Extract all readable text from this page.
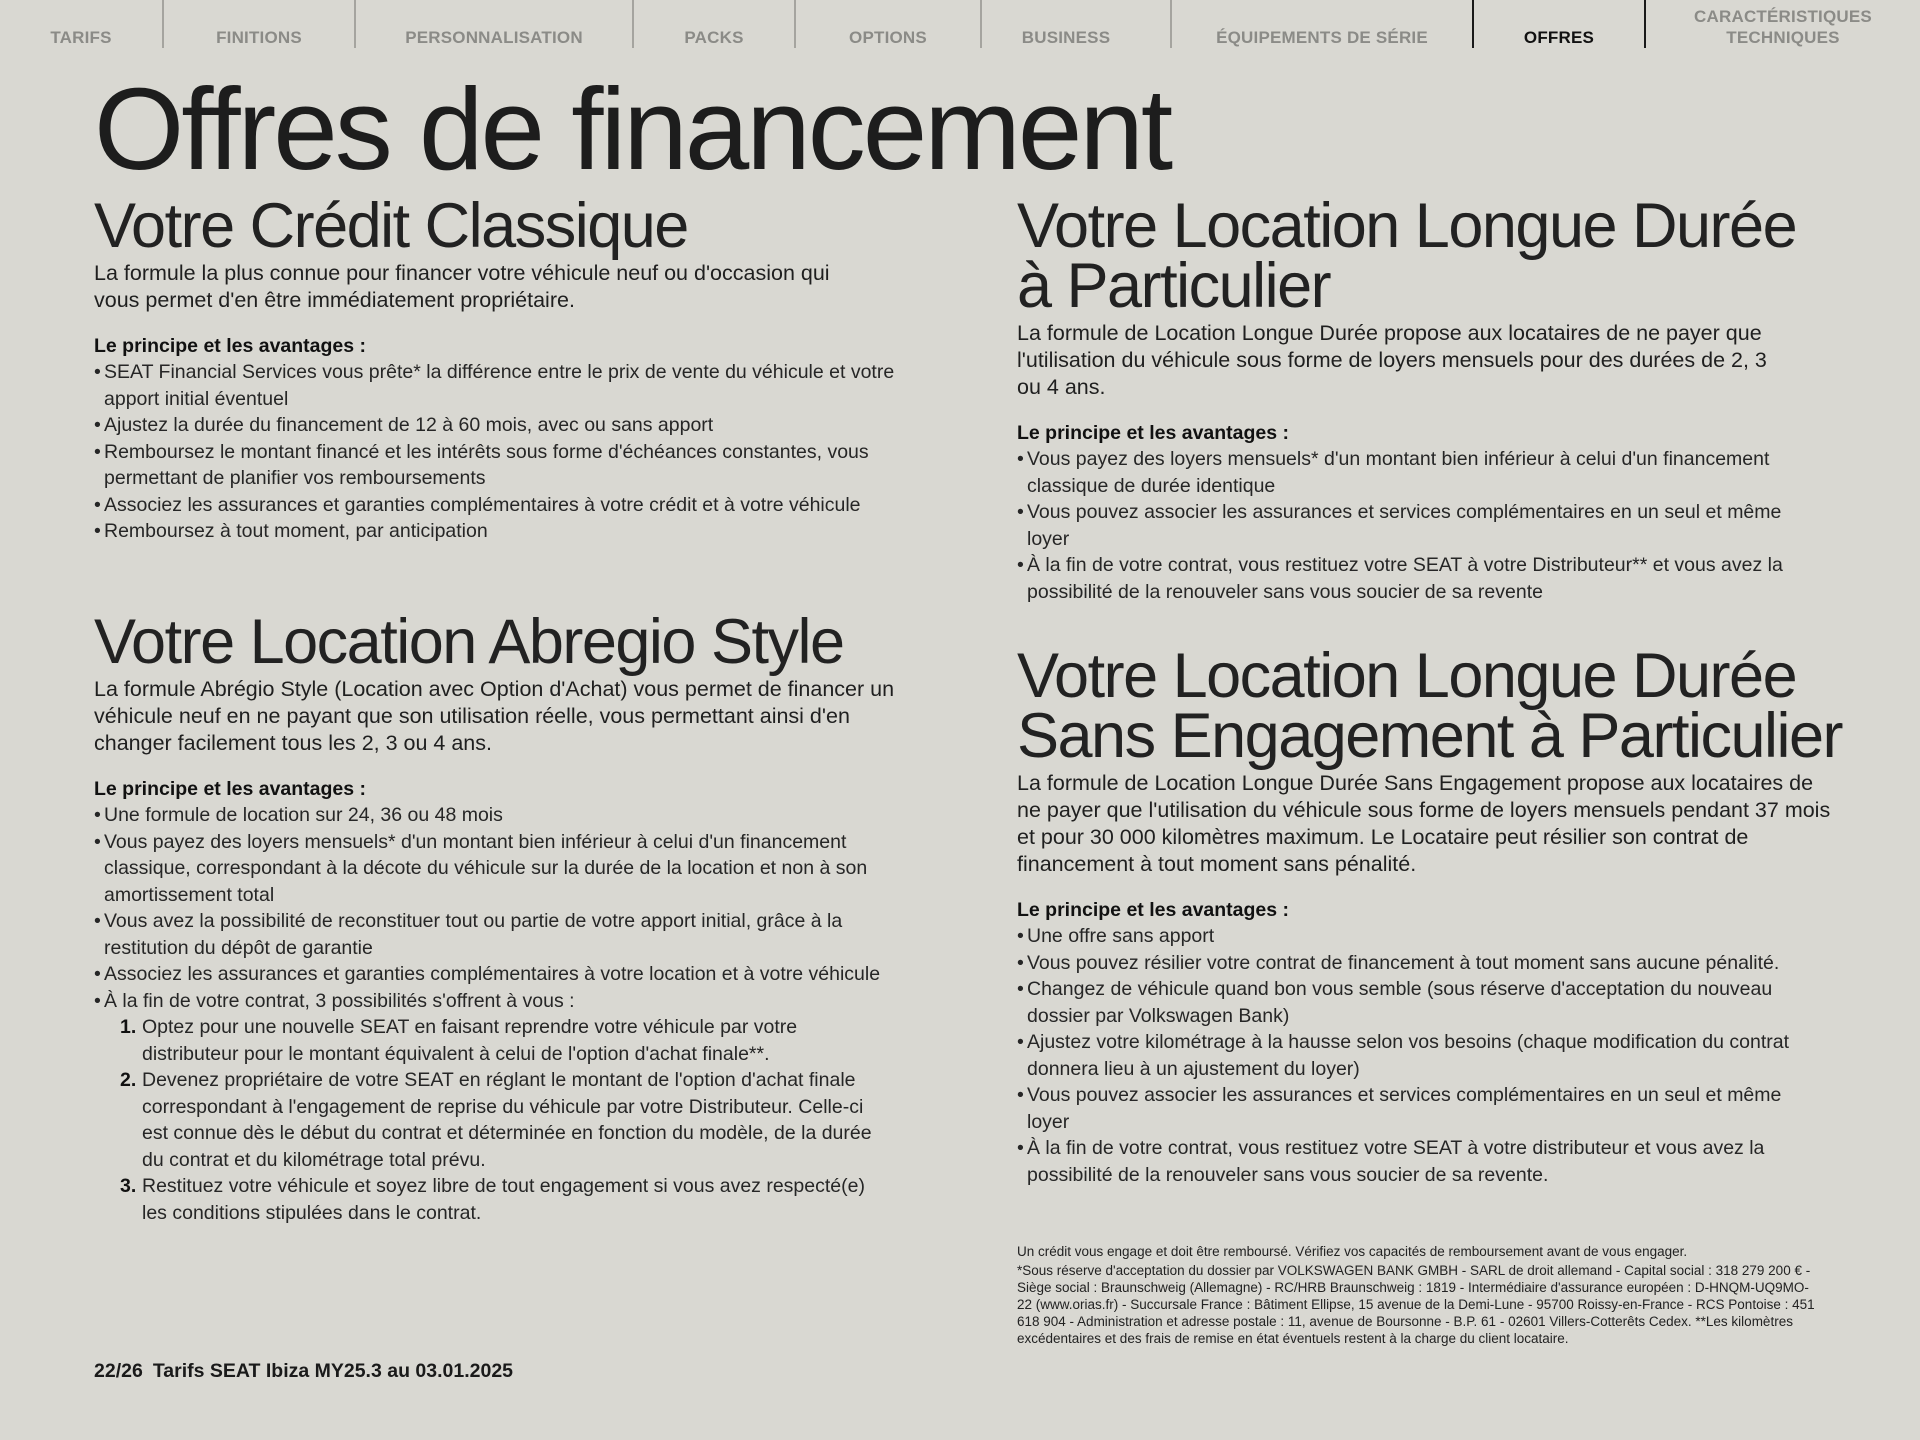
TARIFS	FINITIONS	PERSONNALISATION	PACKS	OPTIONS	BUSINESS	ÉQUIPEMENTS DE SÉRIE	OFFRES
CARACTÉRISTIQUES TECHNIQUES
Offres de financement
Votre Crédit Classique

La formule la plus connue pour financer votre véhicule neuf ou d'occasion qui vous permet d'en être immédiatement propriétaire.

Le principe et les avantages :

• SEAT Financial Services vous prête* la différence entre le prix de vente du véhicule et votre apport initial éventuel
• Ajustez la durée du financement de 12 à 60 mois, avec ou sans apport
• Remboursez le montant financé et les intérêts sous forme d'échéances constantes, vous permettant de planifier vos remboursements
• Associez les assurances et garanties complémentaires à votre crédit et à votre véhicule
• Remboursez à tout moment, par anticipation
Votre Location Abregio Style

La formule Abrégio Style (Location avec Option d'Achat) vous permet de financer un véhicule neuf en ne payant que son utilisation réelle, vous permettant ainsi d'en changer facilement tous les 2, 3 ou 4 ans.

Le principe et les avantages :

• Une formule de location sur 24, 36 ou 48 mois
• Vous payez des loyers mensuels* d'un montant bien inférieur à celui d'un financement classique, correspondant à la décote du véhicule sur la durée de la location et non à son amortissement total
• Vous avez la possibilité de reconstituer tout ou partie de votre apport initial, grâce à la restitution du dépôt de garantie
• Associez les assurances et garanties complémentaires à votre location et à votre véhicule
• À la fin de votre contrat, 3 possibilités s'offrent à vous :
1. Optez pour une nouvelle SEAT en faisant reprendre votre véhicule par votre distributeur pour le montant équivalent à celui de l'option d'achat finale**.
2. Devenez propriétaire de votre SEAT en réglant le montant de l'option d'achat finale correspondant à l'engagement de reprise du véhicule par votre Distributeur. Celle-ci est connue dès le début du contrat et déterminée en fonction du modèle, de la durée du contrat et du kilométrage total prévu.
3. Restituez votre véhicule et soyez libre de tout engagement si vous avez respecté(e) les conditions stipulées dans le contrat.
Votre Location Longue Durée
à Particulier

La formule de Location Longue Durée propose aux locataires de ne payer que l'utilisation du véhicule sous forme de loyers mensuels pour des durées de 2, 3 ou 4 ans.

Le principe et les avantages :

• Vous payez des loyers mensuels* d'un montant bien inférieur à celui d'un financement classique de durée identique
• Vous pouvez associer les assurances et services complémentaires en un seul et même loyer
• À la fin de votre contrat, vous restituez votre SEAT à votre Distributeur** et vous avez la possibilité de la renouveler sans vous soucier de sa revente
Votre Location Longue Durée
Sans Engagement à Particulier

La formule de Location Longue Durée Sans Engagement propose aux locataires de ne payer que l'utilisation du véhicule sous forme de loyers mensuels pendant 37 mois et pour 30 000 kilomètres maximum. Le Locataire peut résilier son contrat de financement à tout moment sans pénalité.

Le principe et les avantages :

• Une offre sans apport
• Vous pouvez résilier votre contrat de financement à tout moment sans aucune pénalité.
• Changez de véhicule quand bon vous semble (sous réserve d'acceptation du nouveau dossier par Volkswagen Bank)
• Ajustez votre kilométrage à la hausse selon vos besoins (chaque modification du contrat donnera lieu à un ajustement du loyer)
• Vous pouvez associer les assurances et services complémentaires en un seul et même loyer
• À la fin de votre contrat, vous restituez votre SEAT à votre distributeur et vous avez la possibilité de la renouveler sans vous soucier de sa revente.

Un crédit vous engage et doit être remboursé. Vérifiez vos capacités de remboursement avant de vous engager.

*Sous réserve d'acceptation du dossier par VOLKSWAGEN BANK GMBH - SARL de droit allemand - Capital social : 318 279 200 € - Siège social : Braunschweig (Allemagne) - RC/HRB Braunschweig : 1819 - Intermédiaire d'assurance européen : D-HNQM-UQ9MO-22 (www.orias.fr) - Succursale France : Bâtiment Ellipse, 15 avenue de la Demi-Lune - 95700 Roissy-en-France - RCS Pontoise : 451 618 904 - Administration et adresse postale : 11, avenue de Boursonne - B.P. 61 - 02601 Villers-Cotterêts Cedex. **Les kilomètres excédentaires et des frais de remise en état éventuels restent à la charge du client locataire.

22/26 Tarifs SEAT Ibiza MY25.3 au 03.01.2025
